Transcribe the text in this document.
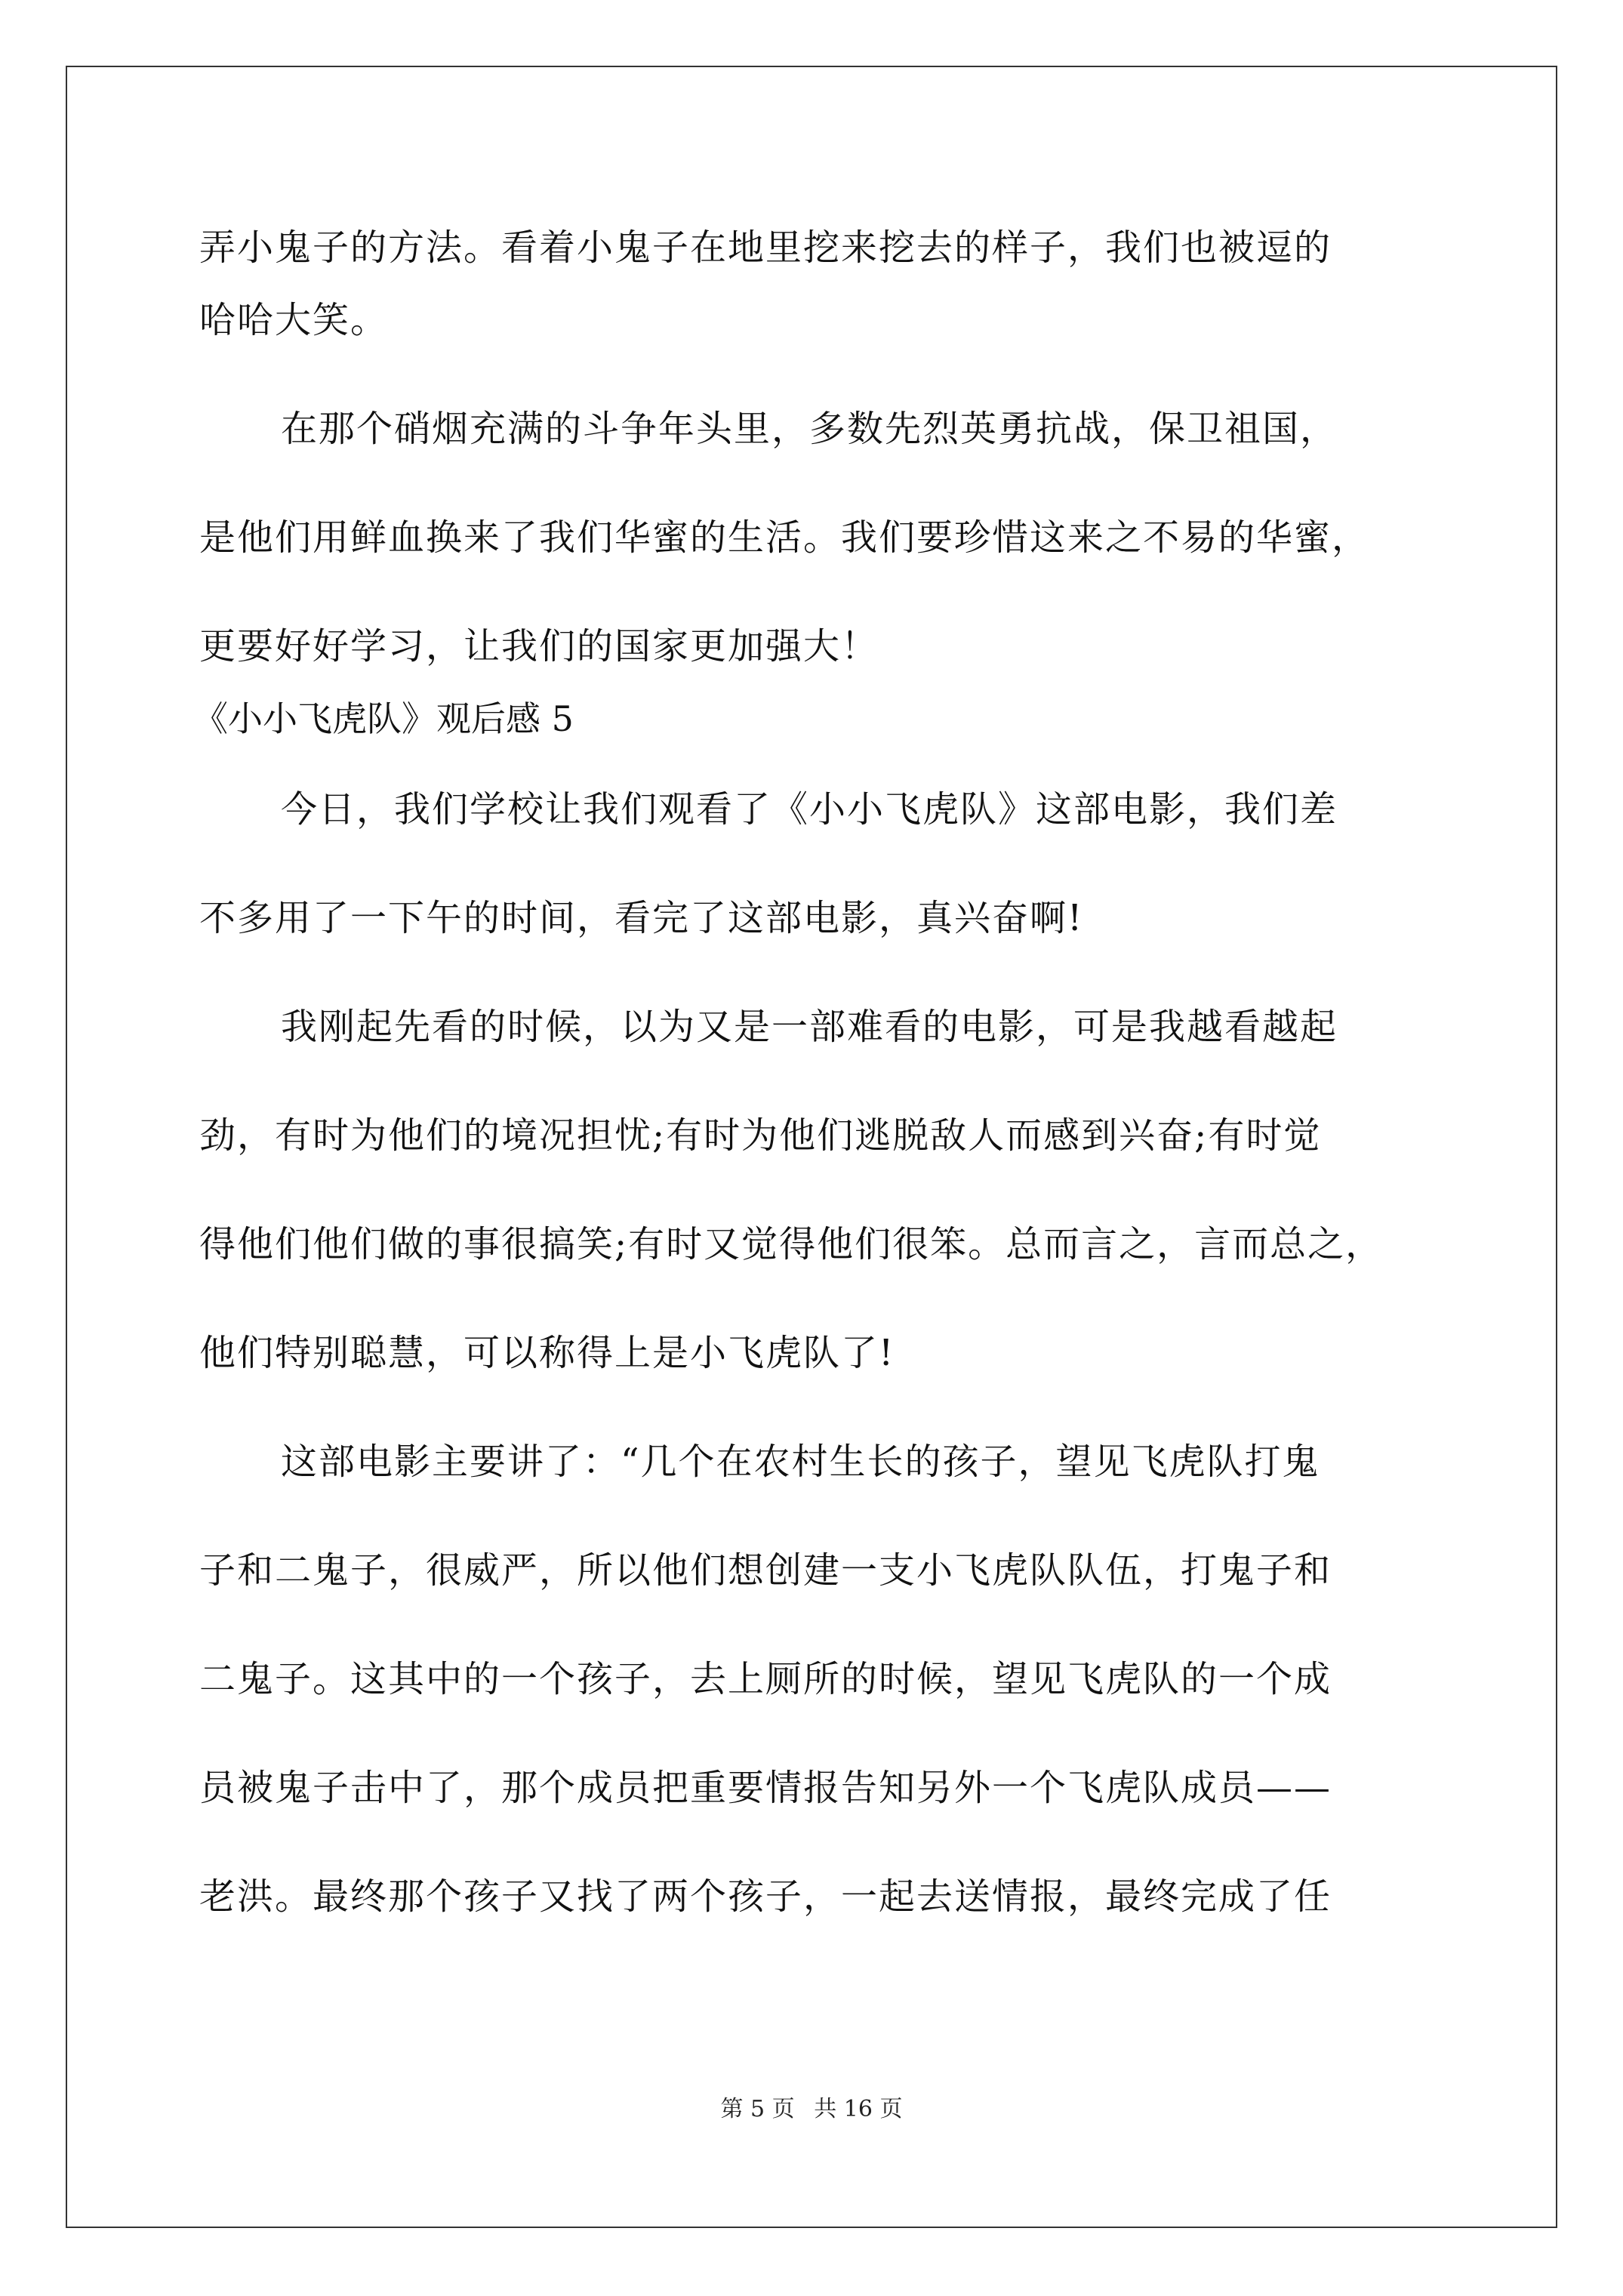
弄小鬼子的方法。看着小鬼子在地里挖来挖去的样子，我们也被逗的
哈哈大笑。
在那个硝烟充满的斗争年头里，多数先烈英勇抗战，保卫祖国，
是他们用鲜血换来了我们华蜜的生活。我们要珍惜这来之不易的华蜜，
更要好好学习，让我们的国家更加强大！
《小小飞虎队》观后感 5
今日，我们学校让我们观看了《小小飞虎队》这部电影，我们差
不多用了一下午的时间，看完了这部电影，真兴奋啊!
我刚起先看的时候，以为又是一部难看的电影，可是我越看越起
劲，有时为他们的境况担忧;有时为他们逃脱敌人而感到兴奋;有时觉
得他们他们做的事很搞笑;有时又觉得他们很笨。总而言之，言而总之，
他们特别聪慧，可以称得上是小飞虎队了!
这部电影主要讲了：“几个在农村生长的孩子，望见飞虎队打鬼
子和二鬼子，很威严，所以他们想创建一支小飞虎队队伍，打鬼子和
二鬼子。这其中的一个孩子，去上厕所的时候，望见飞虎队的一个成
员被鬼子击中了，那个成员把重要情报告知另外一个飞虎队成员——
老洪。最终那个孩子又找了两个孩子，一起去送情报，最终完成了任
第 5 页 共 16 页
